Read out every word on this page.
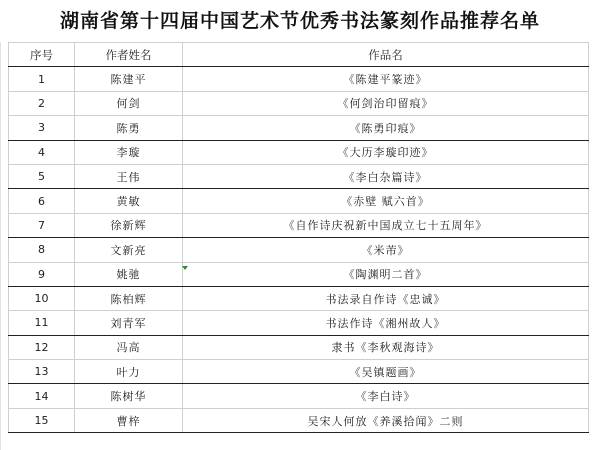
湖南省第十四届中国艺术节优秀书法篆刻作品推荐名单
序号	作者姓名	作品名
1	陈建平	《陈建平篆迹》
2	何剑	《何剑治印留痕》
3	陈勇	《陈勇印痕》
4	李璇	《大历李璇印迹》
5	王伟	《李白杂篇诗》
6	黄敏	《赤壁 赋六首》
7	徐新辉	《自作诗庆祝新中国成立七十五周年》
8	文新亮	《米芾》
9	姚驰	《陶渊明二首》
10	陈柏辉	书法录自作诗《忠诚》
11	刘青军	书法作诗《湘州故人》
12	冯高	隶书《李秋观海诗》
13	叶力	《吴镇题画》
14	陈树华	《李白诗》
15	曹梓	吴宋人何放《养溪拾闻》二则
